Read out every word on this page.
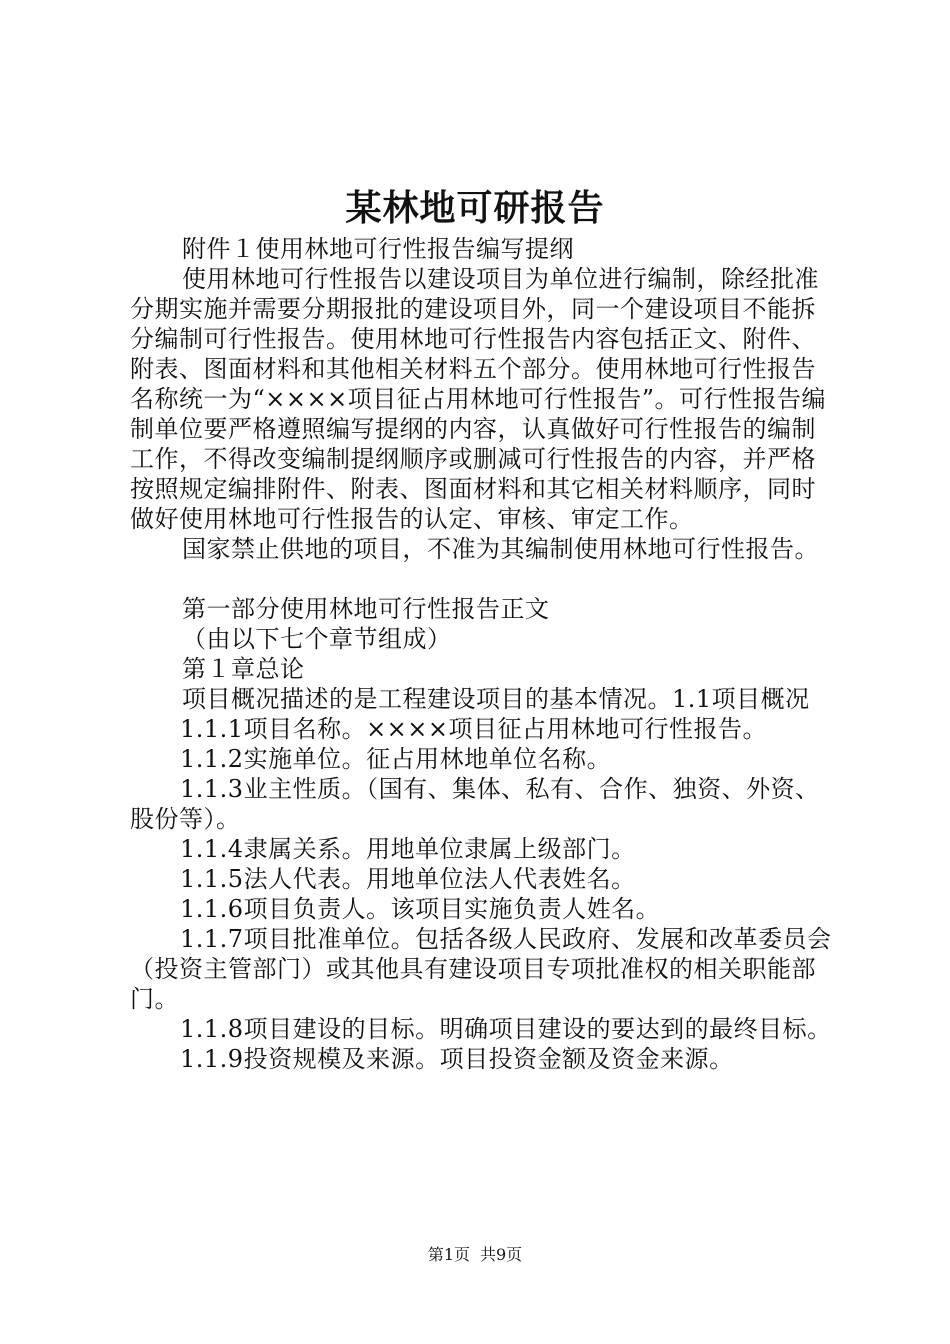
某林地可研报告

附件１使用林地可行性报告编写提纲

使用林地可行性报告以建设项目为单位进行编制，除经批准分期实施并需要分期报批的建设项目外，同一个建设项目不能拆分编制可行性报告。使用林地可行性报告内容包括正文、附件、附表、图面材料和其他相关材料五个部分。使用林地可行性报告名称统一为“××××项目征占用林地可行性报告”。可行性报告编制单位要严格遵照编写提纲的内容，认真做好可行性报告的编制工作，不得改变编制提纲顺序或删减可行性报告的内容，并严格按照规定编排附件、附表、图面材料和其它相关材料顺序，同时做好使用林地可行性报告的认定、审核、审定工作。

国家禁止供地的项目，不准为其编制使用林地可行性报告。

第一部分使用林地可行性报告正文

（由以下七个章节组成）

第１章总论

项目概况描述的是工程建设项目的基本情况。1.1项目概况

1.1.1项目名称。××××项目征占用林地可行性报告。

1.1.2实施单位。征占用林地单位名称。

1.1.3业主性质。（国有、集体、私有、合作、独资、外资、股份等）。

1.1.4隶属关系。用地单位隶属上级部门。

1.1.5法人代表。用地单位法人代表姓名。

1.1.6项目负责人。该项目实施负责人姓名。

1.1.7项目批准单位。包括各级人民政府、发展和改革委员会（投资主管部门）或其他具有建设项目专项批准权的相关职能部门。

1.1.8项目建设的目标。明确项目建设的要达到的最终目标。

1.1.9投资规模及来源。项目投资金额及资金来源。

第1页 共9页
